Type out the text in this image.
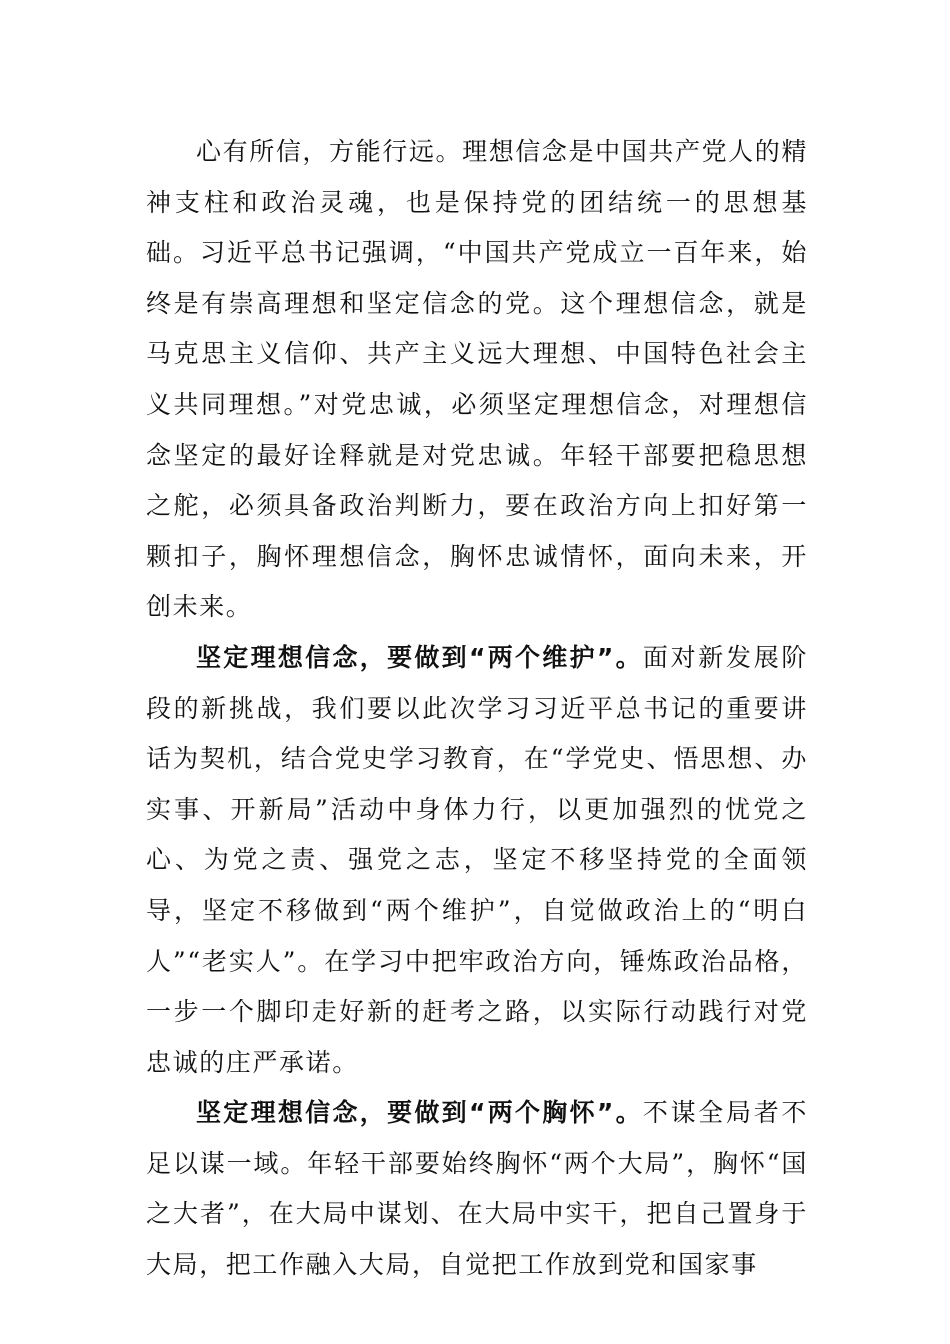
心有所信，方能行远。理想信念是中国共产党人的精神支柱和政治灵魂，也是保持党的团结统一的思想基础。习近平总书记强调，“中国共产党成立一百年来，始终是有崇高理想和坚定信念的党。这个理想信念，就是马克思主义信仰、共产主义远大理想、中国特色社会主义共同理想。”对党忠诚，必须坚定理想信念，对理想信念坚定的最好诠释就是对党忠诚。年轻干部要把稳思想之舵，必须具备政治判断力，要在政治方向上扣好第一颗扣子，胸怀理想信念，胸怀忠诚情怀，面向未来，开创未来。

坚定理想信念，要做到“两个维护”。面对新发展阶段的新挑战，我们要以此次学习习近平总书记的重要讲话为契机，结合党史学习教育，在“学党史、悟思想、办实事、开新局”活动中身体力行，以更加强烈的忧党之心、为党之责、强党之志，坚定不移坚持党的全面领导，坚定不移做到“两个维护”，自觉做政治上的“明白人”“老实人”。在学习中把牢政治方向，锤炼政治品格，一步一个脚印走好新的赶考之路，以实际行动践行对党忠诚的庄严承诺。

坚定理想信念，要做到“两个胸怀”。不谋全局者不足以谋一域。年轻干部要始终胸怀“两个大局”，胸怀“国之大者”，在大局中谋划、在大局中实干，把自己置身于大局，把工作融入大局，自觉把工作放到党和国家事
